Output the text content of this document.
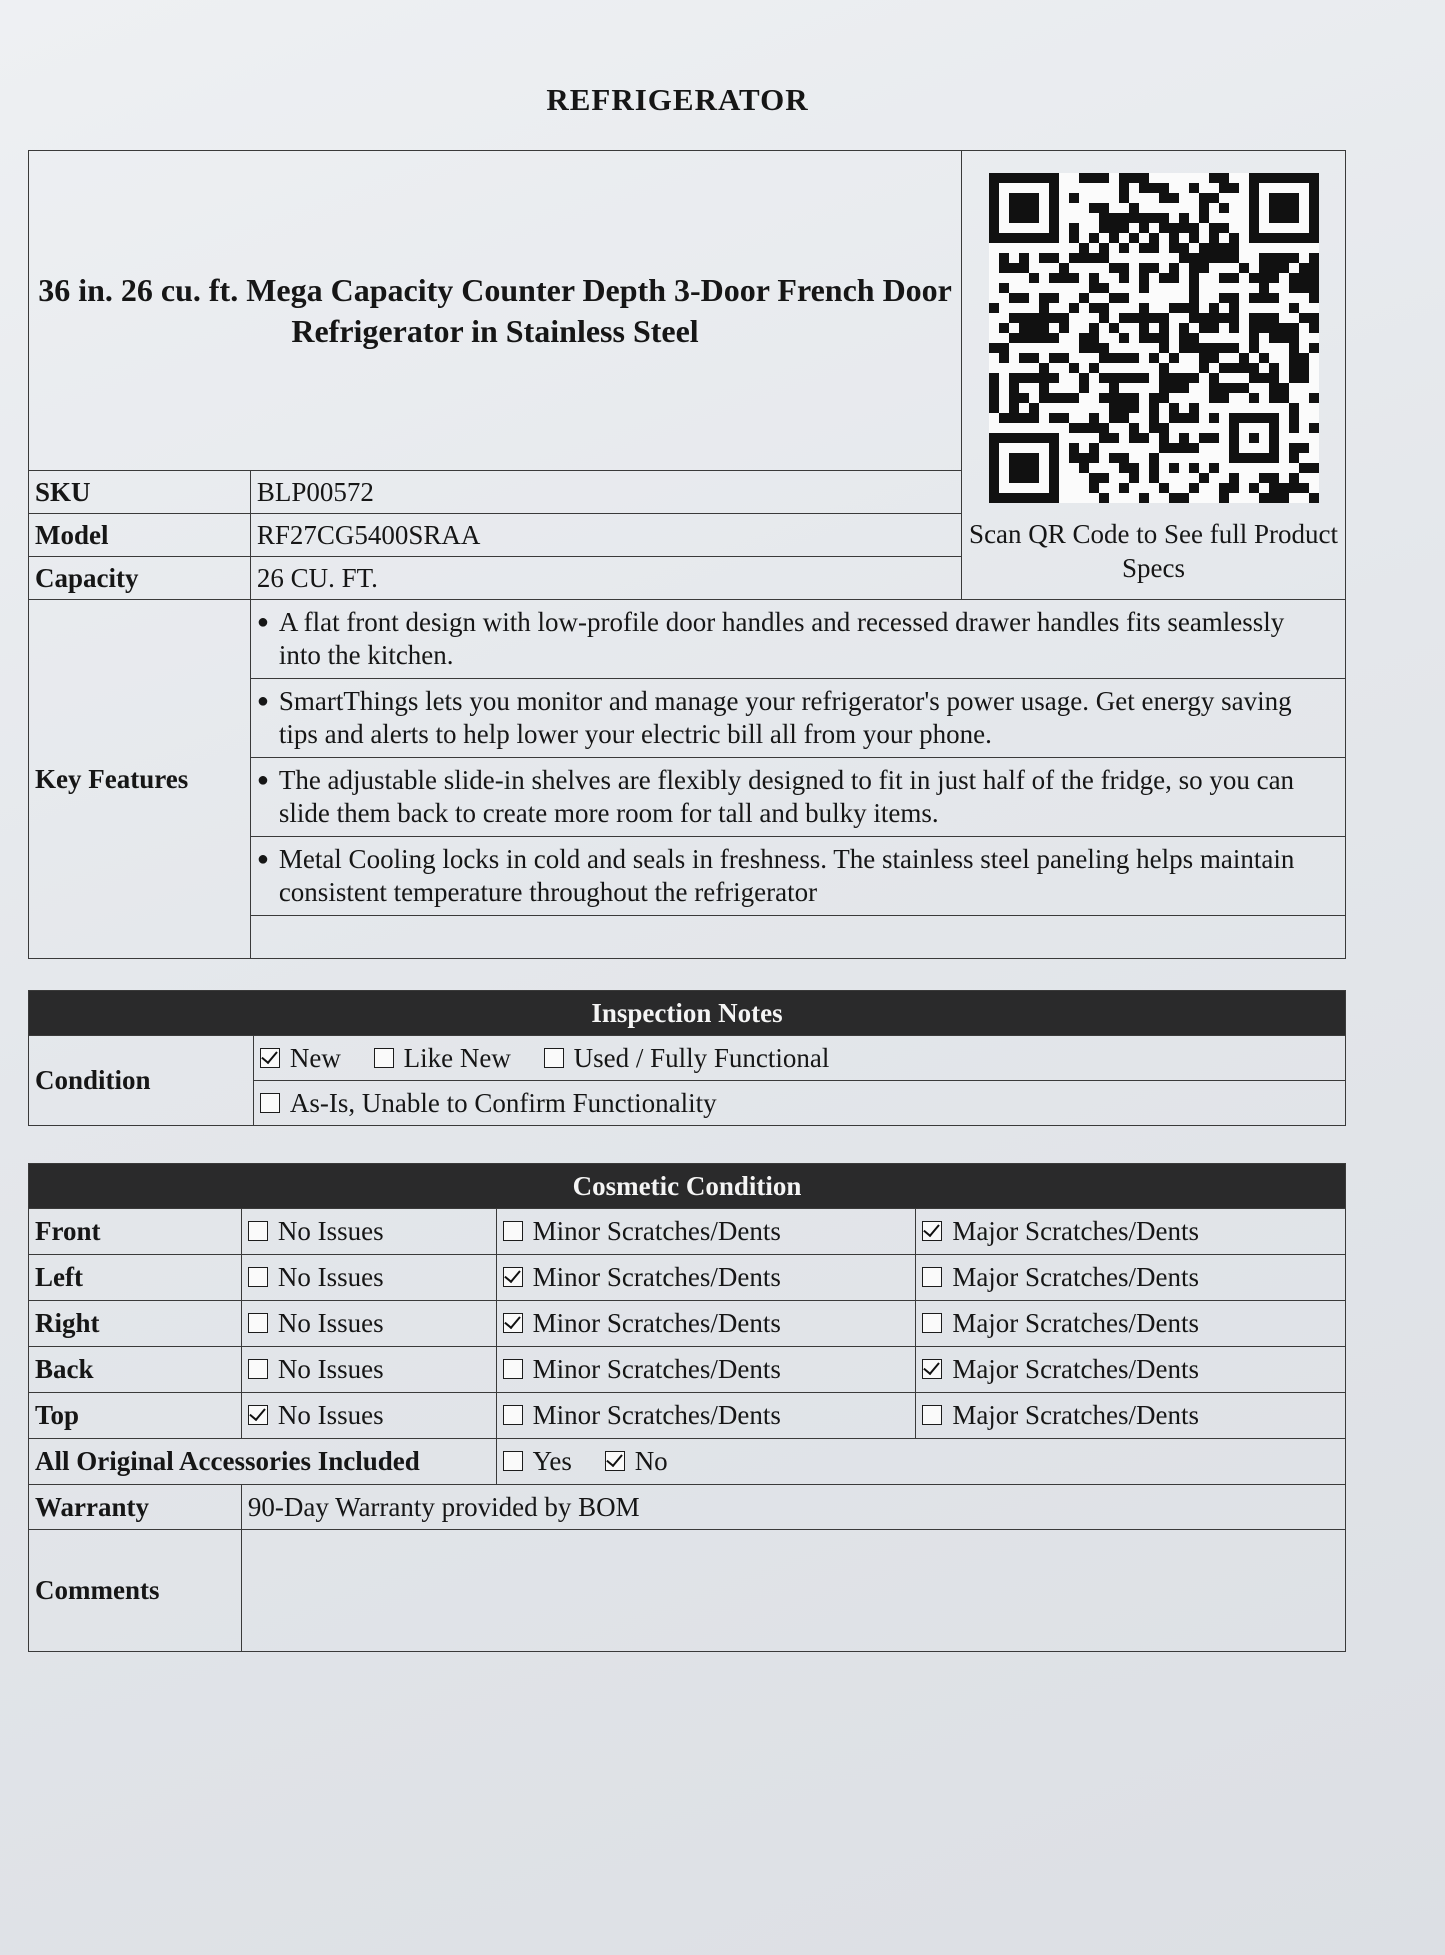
REFRIGERATOR
36 in. 26 cu. ft. Mega Capacity Counter Depth 3-Door French Door Refrigerator in Stainless Steel		Scan QR Code to See full Product Specs

SKU	BLP00572	
Model	RF27CG5400SRAA	
Capacity	26 CU. FT.	
Key Features	● A flat front design with low-profile door handles and recessed drawer handles fits seamlessly into the kitchen.	
	● SmartThings lets you monitor and manage your refrigerator's power usage. Get energy saving tips and alerts to help lower your electric bill all from your phone.	
	● The adjustable slide-in shelves are flexibly designed to fit in just half of the fridge, so you can slide them back to create more room for tall and bulky items.	
	● Metal Cooling locks in cold and seals in freshness. The stainless steel paneling helps maintain consistent temperature throughout the refrigerator	

Inspection Notes
Condition	New Like New Used / Fully Functional
As-Is, Unable to Confirm Functionality
Cosmetic Condition			
Front	No Issues	Minor Scratches/Dents	Major Scratches/Dents
Left	No Issues	Minor Scratches/Dents	Major Scratches/Dents
Right	No Issues	Minor Scratches/Dents	Major Scratches/Dents
Back	No Issues	Minor Scratches/Dents	Major Scratches/Dents
Top	No Issues	Minor Scratches/Dents	Major Scratches/Dents
All Original Accessories Included		Yes No	
Warranty	90-Day Warranty provided by BOM		
Comments			
